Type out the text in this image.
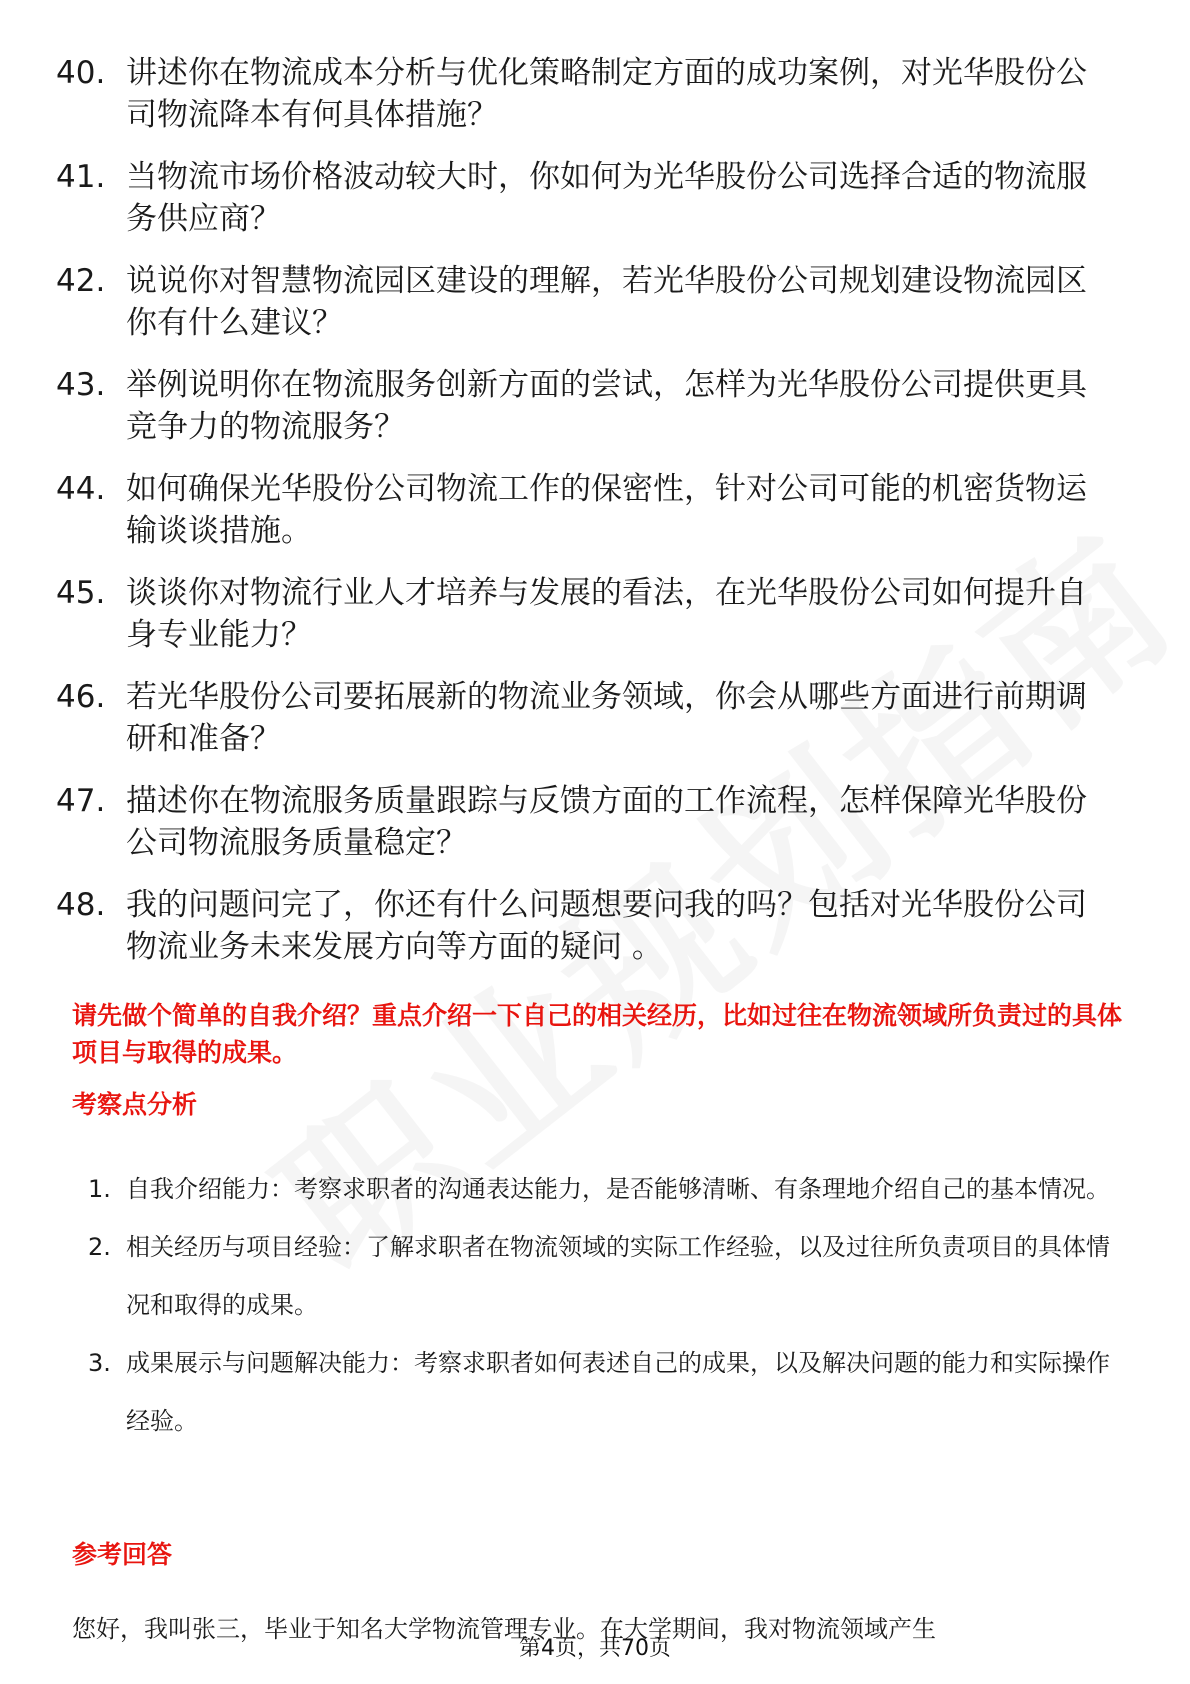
40. 讲述你在物流成本分析与优化策略制定方面的成功案例，对光华股份公司物流降本有何具体措施？
41. 当物流市场价格波动较大时，你如何为光华股份公司选择合适的物流服务供应商？
42. 说说你对智慧物流园区建设的理解，若光华股份公司规划建设物流园区你有什么建议？
43. 举例说明你在物流服务创新方面的尝试，怎样为光华股份公司提供更具竞争力的物流服务？
44. 如何确保光华股份公司物流工作的保密性，针对公司可能的机密货物运输谈谈措施。
45. 谈谈你对物流行业人才培养与发展的看法，在光华股份公司如何提升自身专业能力？
46. 若光华股份公司要拓展新的物流业务领域，你会从哪些方面进行前期调研和准备？
47. 描述你在物流服务质量跟踪与反馈方面的工作流程，怎样保障光华股份公司物流服务质量稳定？
48. 我的问题问完了，你还有什么问题想要问我的吗？包括对光华股份公司物流业务未来发展方向等方面的疑问 。
请先做个简单的自我介绍？重点介绍一下自己的相关经历，比如过往在物流领域所负责过的具体项目与取得的成果。
考察点分析
1. 自我介绍能力：考察求职者的沟通表达能力，是否能够清晰、有条理地介绍自己的基本情况。
2. 相关经历与项目经验：了解求职者在物流领域的实际工作经验，以及过往所负责项目的具体情况和取得的成果。
3. 成果展示与问题解决能力：考察求职者如何表述自己的成果，以及解决问题的能力和实际操作经验。
参考回答
您好，我叫张三，毕业于知名大学物流管理专业。在大学期间，我对物流领域产生
第4页，共70页
